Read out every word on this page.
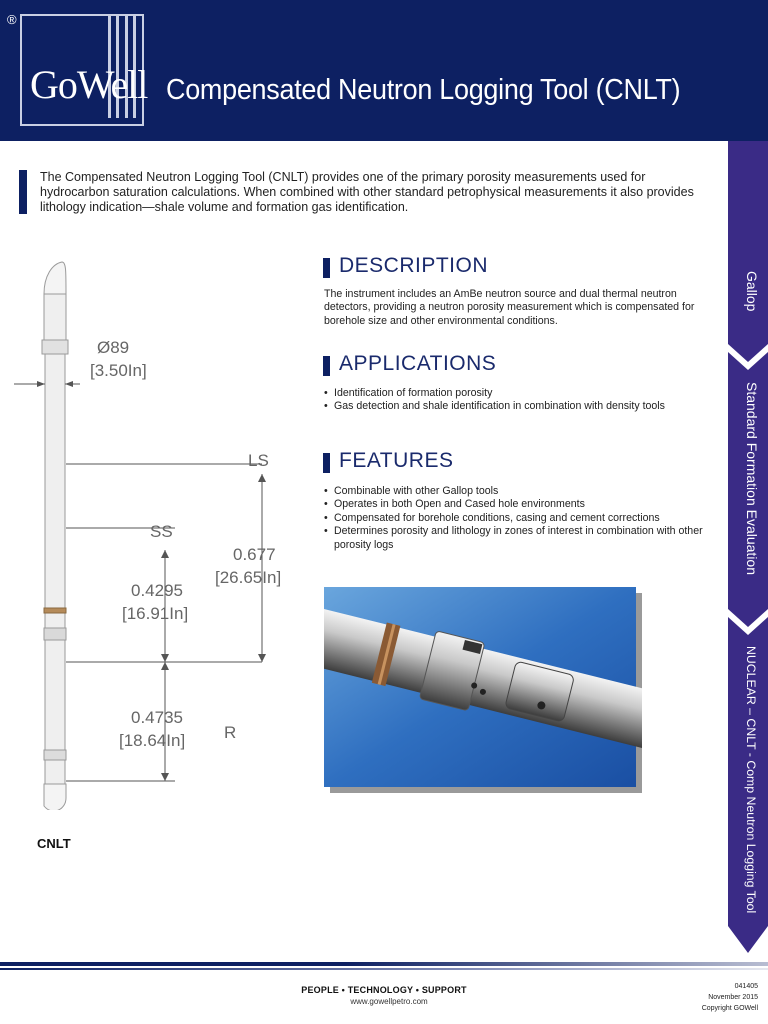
®
GoWell Compensated Neutron Logging Tool (CNLT)
The Compensated Neutron Logging Tool (CNLT) provides one of the primary porosity measurements used for hydrocarbon saturation calculations. When combined with other standard petrophysical measurements it also provides lithology indication—shale volume and formation gas identification.
DESCRIPTION
The instrument includes an AmBe neutron source and dual thermal neutron detectors, providing a neutron porosity measurement which is compensated for borehole size and other environmental conditions.
APPLICATIONS
• Identification of formation porosity
• Gas detection and shale identification in combination with density tools
FEATURES
• Combinable with other Gallop tools
• Operates in both Open and Cased hole environments
• Compensated for borehole conditions, casing and cement corrections
• Determines porosity and lithology in zones of interest in combination with other porosity logs
Ø89
[3.50In]
LS
SS
0.677
[26.65In]
0.4295
[16.91In]
0.4735
[18.64In] R
CNLT
Gallop
Standard Formation Evaluation
NUCLEAR – CNLT - Comp Neutron Logging Tool
PEOPLE • TECHNOLOGY • SUPPORT
www.gowellpetro.com
041405
November 2015
Copyright GOWell
